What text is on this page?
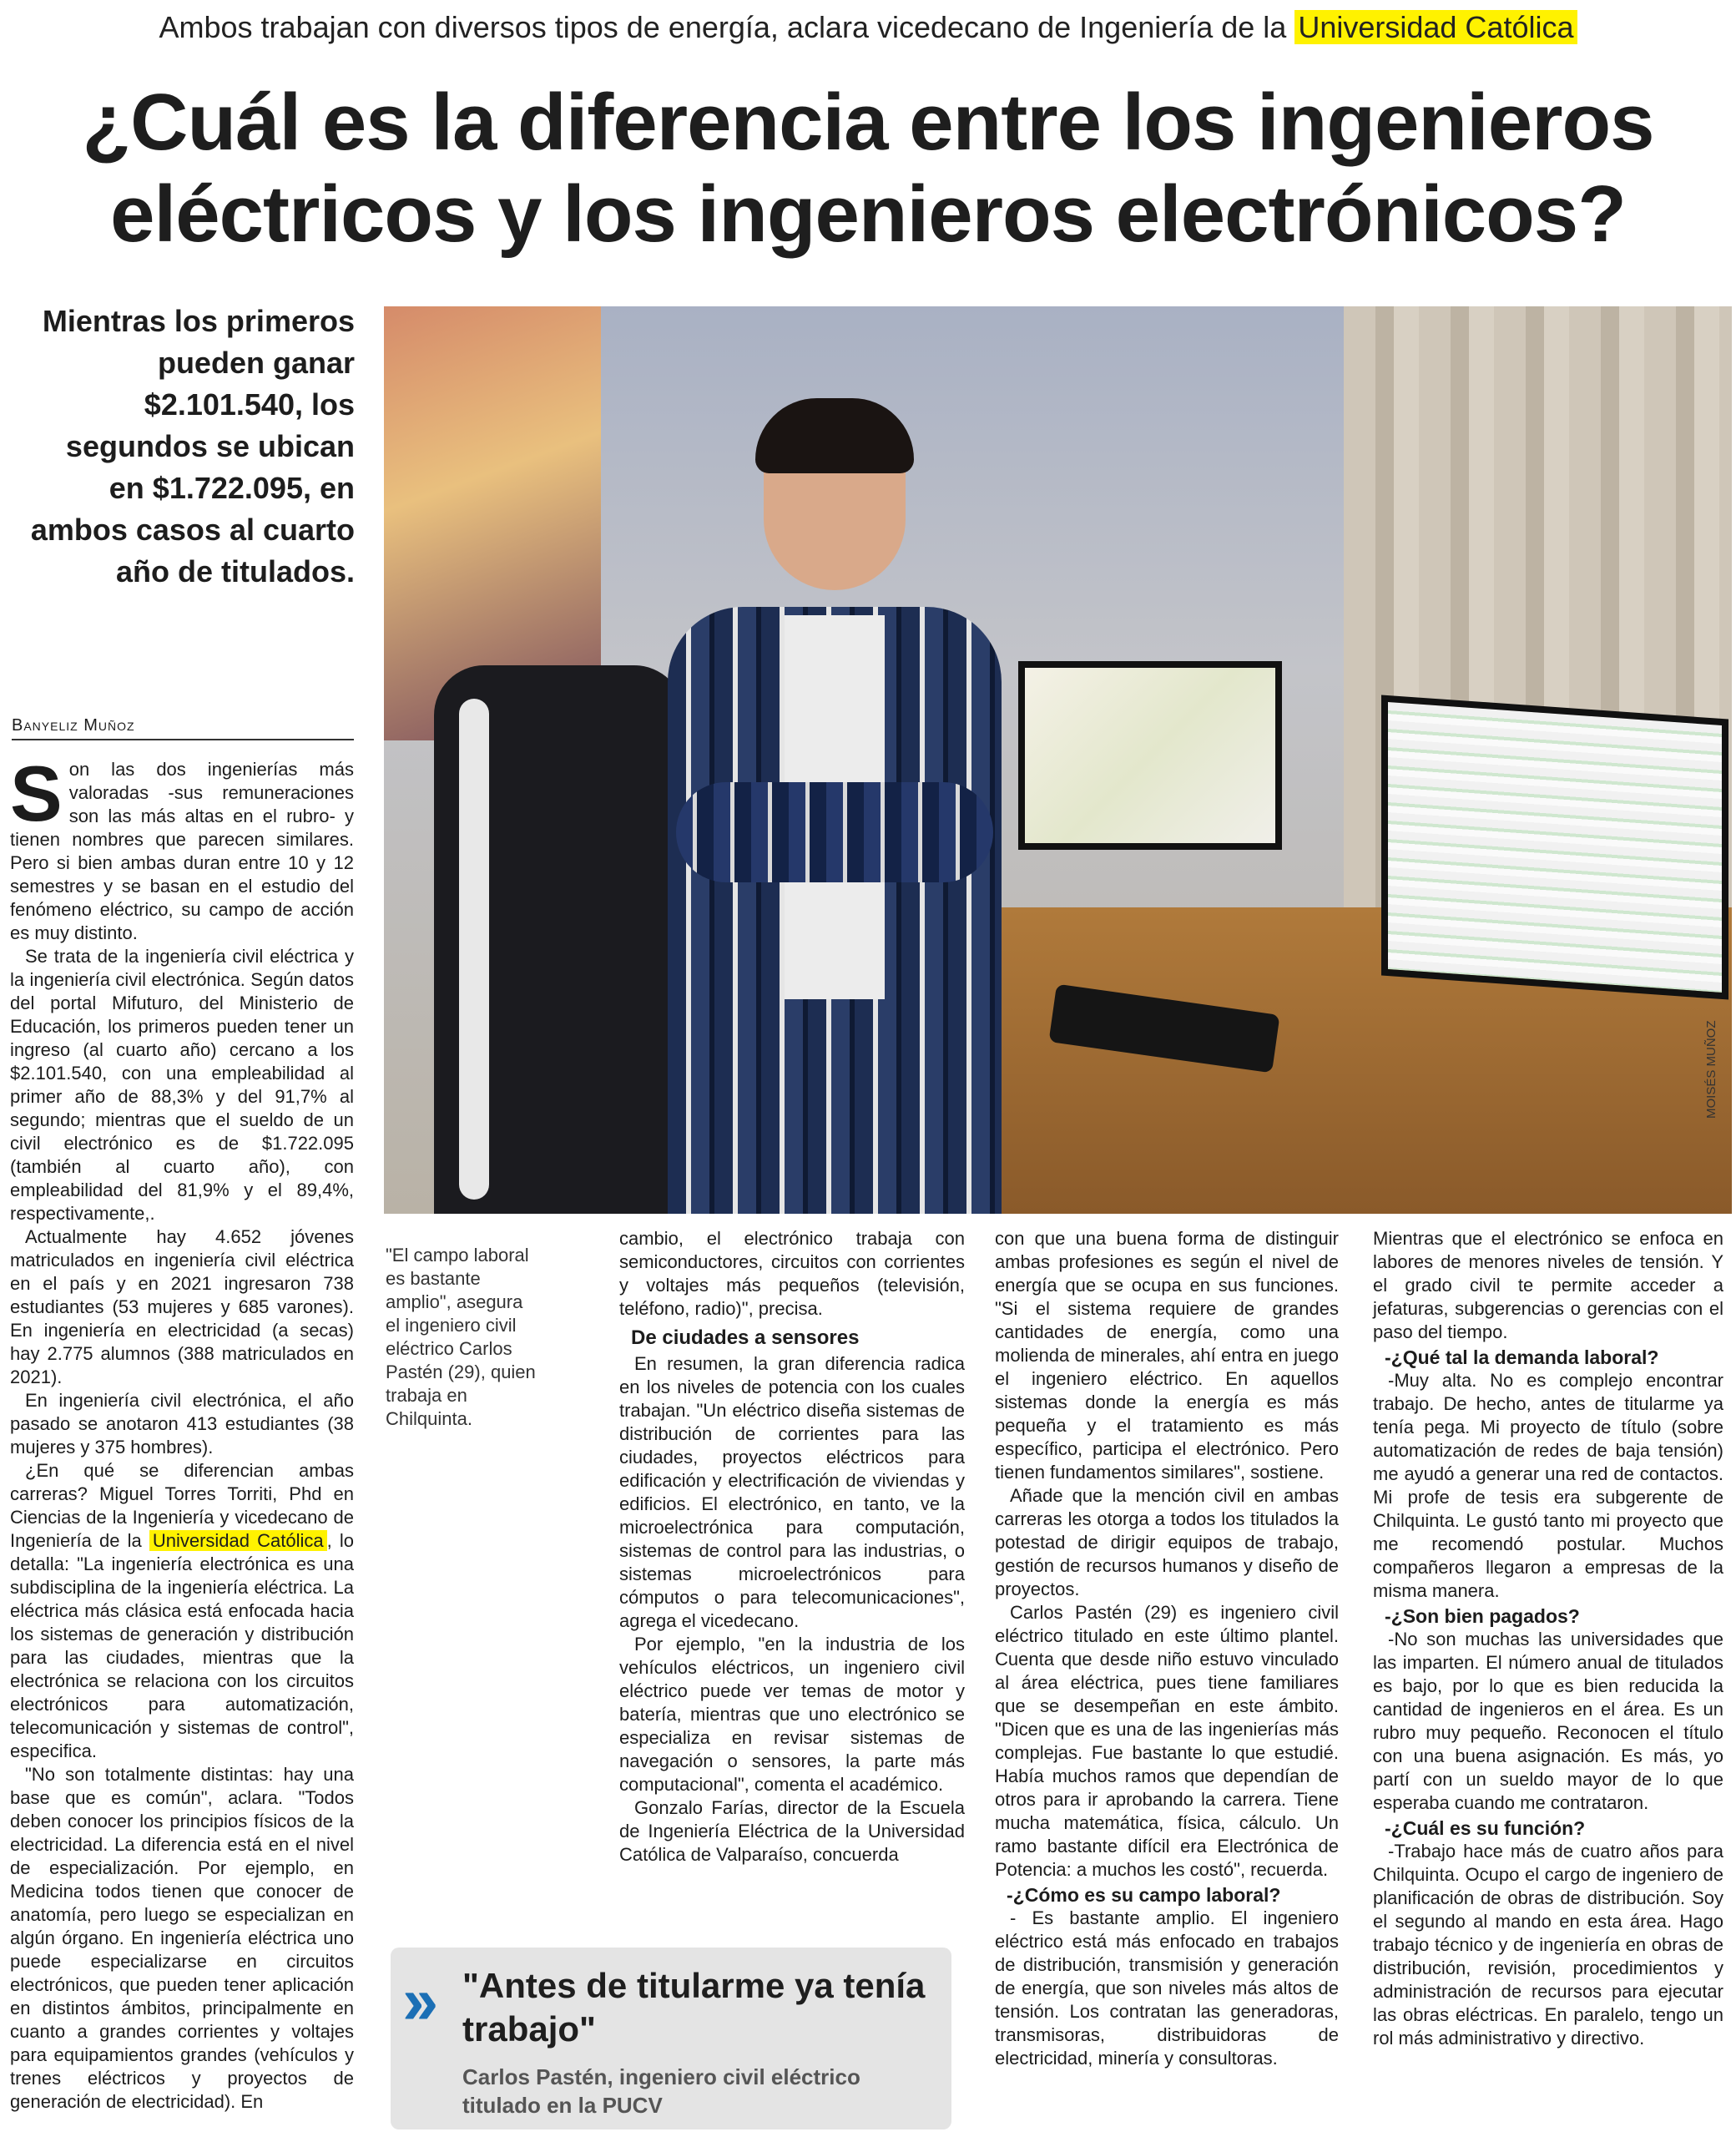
Ambos trabajan con diversos tipos de energía, aclara vicedecano de Ingeniería de la Universidad Católica
¿Cuál es la diferencia entre los ingenieros
eléctricos y los ingenieros electrónicos?
Mientras los primeros pueden ganar $2.101.540, los segundos se ubican en $1.722.095, en ambos casos al cuarto año de titulados.
Banyeliz Muñoz
MOISÉS MUÑOZ

Son las dos ingenierías más valoradas -sus remuneraciones son las más altas en el rubro- y tienen nombres que parecen similares. Pero si bien ambas duran entre 10 y 12 semestres y se basan en el estudio del fenómeno eléctrico, su campo de acción es muy distinto.

Se trata de la ingeniería civil eléctrica y la ingeniería civil electrónica. Según datos del portal Mifuturo, del Ministerio de Educación, los primeros pueden tener un ingreso (al cuarto año) cercano a los $2.101.540, con una empleabilidad al primer año de 88,3% y del 91,7% al segundo; mientras que el sueldo de un civil electrónico es de $1.722.095 (también al cuarto año), con empleabilidad del 81,9% y el 89,4%, respectivamente,.

Actualmente hay 4.652 jóvenes matriculados en ingeniería civil eléctrica en el país y en 2021 ingresaron 738 estudiantes (53 mujeres y 685 varones). En ingeniería en electricidad (a secas) hay 2.775 alumnos (388 matriculados en 2021).

En ingeniería civil electrónica, el año pasado se anotaron 413 estudiantes (38 mujeres y 375 hombres).

¿En qué se diferencian ambas carreras? Miguel Torres Torriti, Phd en Ciencias de la Ingeniería y vicedecano de Ingeniería de la Universidad Católica , lo detalla: "La ingeniería electrónica es una subdisciplina de la ingeniería eléctrica. La eléctrica más clásica está enfocada hacia los sistemas de generación y distribución para las ciudades, mientras que la electrónica se relaciona con los circuitos electrónicos para automatización, telecomunicación y sistemas de control", especifica.

"No son totalmente distintas: hay una base que es común", aclara. "Todos deben conocer los principios físicos de la electricidad. La diferencia está en el nivel de especialización. Por ejemplo, en Medicina todos tienen que conocer de anatomía, pero luego se especializan en algún órgano. En ingeniería eléctrica uno puede especializarse en circuitos electrónicos, que pueden tener aplicación en distintos ámbitos, principalmente en cuanto a grandes corrientes y voltajes para equipamientos grandes (vehículos y trenes eléctricos y proyectos de generación de electricidad). En

"El campo laboral es bastante amplio", asegura el ingeniero civil eléctrico Carlos Pastén (29), quien trabaja en Chilquinta.

cambio, el electrónico trabaja con semiconductores, circuitos con corrientes y voltajes más pequeños (televisión, teléfono, radio)", precisa.

De ciudades a sensores

En resumen, la gran diferencia radica en los niveles de potencia con los cuales trabajan. "Un eléctrico diseña sistemas de distribución de corrientes para las ciudades, proyectos eléctricos para edificación y electrificación de viviendas y edificios. El electrónico, en tanto, ve la microelectrónica para computación, sistemas de control para las industrias, o sistemas microelectrónicos para cómputos o para telecomunicaciones", agrega el vicedecano.

Por ejemplo, "en la industria de los vehículos eléctricos, un ingeniero civil eléctrico puede ver temas de motor y batería, mientras que uno electrónico se especializa en revisar sistemas de navegación o sensores, la parte más computacional", comenta el académico.

Gonzalo Farías, director de la Escuela de Ingeniería Eléctrica de la Universidad Católica de Valparaíso, concuerda

con que una buena forma de distinguir ambas profesiones es según el nivel de energía que se ocupa en sus funciones. "Si el sistema requiere de grandes cantidades de energía, como una molienda de minerales, ahí entra en juego el ingeniero eléctrico. En aquellos sistemas donde la energía es más pequeña y el tratamiento es más específico, participa el electrónico. Pero tienen fundamentos similares", sostiene.

Añade que la mención civil en ambas carreras les otorga a todos los titulados la potestad de dirigir equipos de trabajo, gestión de recursos humanos y diseño de proyectos.

Carlos Pastén (29) es ingeniero civil eléctrico titulado en este último plantel. Cuenta que desde niño estuvo vinculado al área eléctrica, pues tiene familiares que se desempeñan en este ámbito. "Dicen que es una de las ingenierías más complejas. Fue bastante lo que estudié. Había muchos ramos que dependían de otros para ir aprobando la carrera. Tiene mucha matemática, física, cálculo. Un ramo bastante difícil era Electrónica de Potencia: a muchos les costó", recuerda.

-¿Cómo es su campo laboral?

- Es bastante amplio. El ingeniero eléctrico está más enfocado en trabajos de distribución, transmisión y generación de energía, que son niveles más altos de tensión. Los contratan las generadoras, transmisoras, distribuidoras de electricidad, minería y consultoras.

Mientras que el electrónico se enfoca en labores de menores niveles de tensión. Y el grado civil te permite acceder a jefaturas, subgerencias o gerencias con el paso del tiempo.

-¿Qué tal la demanda laboral?

-Muy alta. No es complejo encontrar trabajo. De hecho, antes de titularme ya tenía pega. Mi proyecto de título (sobre automatización de redes de baja tensión) me ayudó a generar una red de contactos. Mi profe de tesis era subgerente de Chilquinta. Le gustó tanto mi proyecto que me recomendó postular. Muchos compañeros llegaron a empresas de la misma manera.

-¿Son bien pagados?

-No son muchas las universidades que las imparten. El número anual de titulados es bajo, por lo que es bien reducida la cantidad de ingenieros en el área. Es un rubro muy pequeño. Reconocen el título con una buena asignación. Es más, yo partí con un sueldo mayor de lo que esperaba cuando me contrataron.

-¿Cuál es su función?

-Trabajo hace más de cuatro años para Chilquinta. Ocupo el cargo de ingeniero de planificación de obras de distribución. Soy el segundo al mando en esta área. Hago trabajo técnico y de ingeniería en obras de distribución, revisión, procedimientos y administración de recursos para ejecutar las obras eléctricas. En paralelo, tengo un rol más administrativo y directivo.

›› "Antes de titularme ya tenía trabajo"
Carlos Pastén, ingeniero civil eléctrico titulado en la PUCV
